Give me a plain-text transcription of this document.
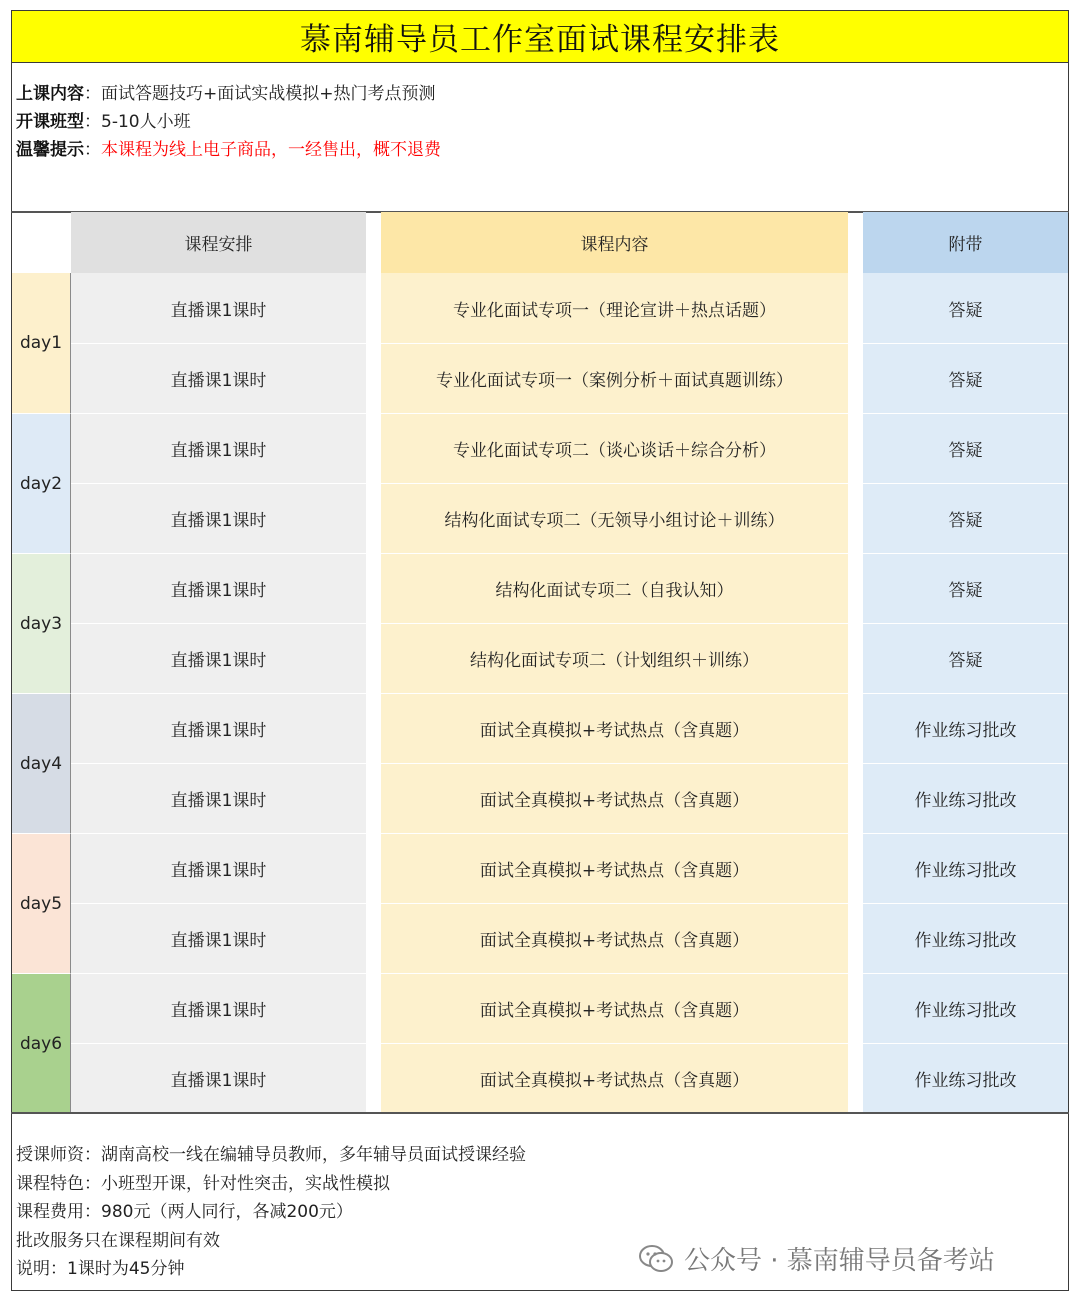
慕南辅导员工作室面试课程安排表
上课内容 ： 面试答题技巧+面试实战模拟+热门考点预测
开课班型 ： 5-10人小班
温馨提示 ： 本课程为线上电子商品，一经售出，概不退费
课程安排	课程内容	附带
day1
直播课1课时	专业化面试专项一（理论宣讲＋热点话题）	答疑
直播课1课时	专业化面试专项一（案例分析＋面试真题训练）	答疑
day2
直播课1课时	专业化面试专项二（谈心谈话＋综合分析）	答疑
直播课1课时	结构化面试专项二（无领导小组讨论＋训练）	答疑
day3
直播课1课时	结构化面试专项二（自我认知）	答疑
直播课1课时	结构化面试专项二（计划组织＋训练）	答疑
day4
直播课1课时	面试全真模拟+考试热点（含真题）	作业练习批改
直播课1课时	面试全真模拟+考试热点（含真题）	作业练习批改
day5
直播课1课时	面试全真模拟+考试热点（含真题）	作业练习批改
直播课1课时	面试全真模拟+考试热点（含真题）	作业练习批改
day6
直播课1课时	面试全真模拟+考试热点（含真题）	作业练习批改
直播课1课时	面试全真模拟+考试热点（含真题）	作业练习批改
授课师资：湖南高校一线在编辅导员教师，多年辅导员面试授课经验
课程特色：小班型开课，针对性突击，实战性模拟
课程费用：980元（两人同行，各减200元）
批改服务只在课程期间有效
说明：1课时为45分钟	公众号 · 慕南辅导员备考站
